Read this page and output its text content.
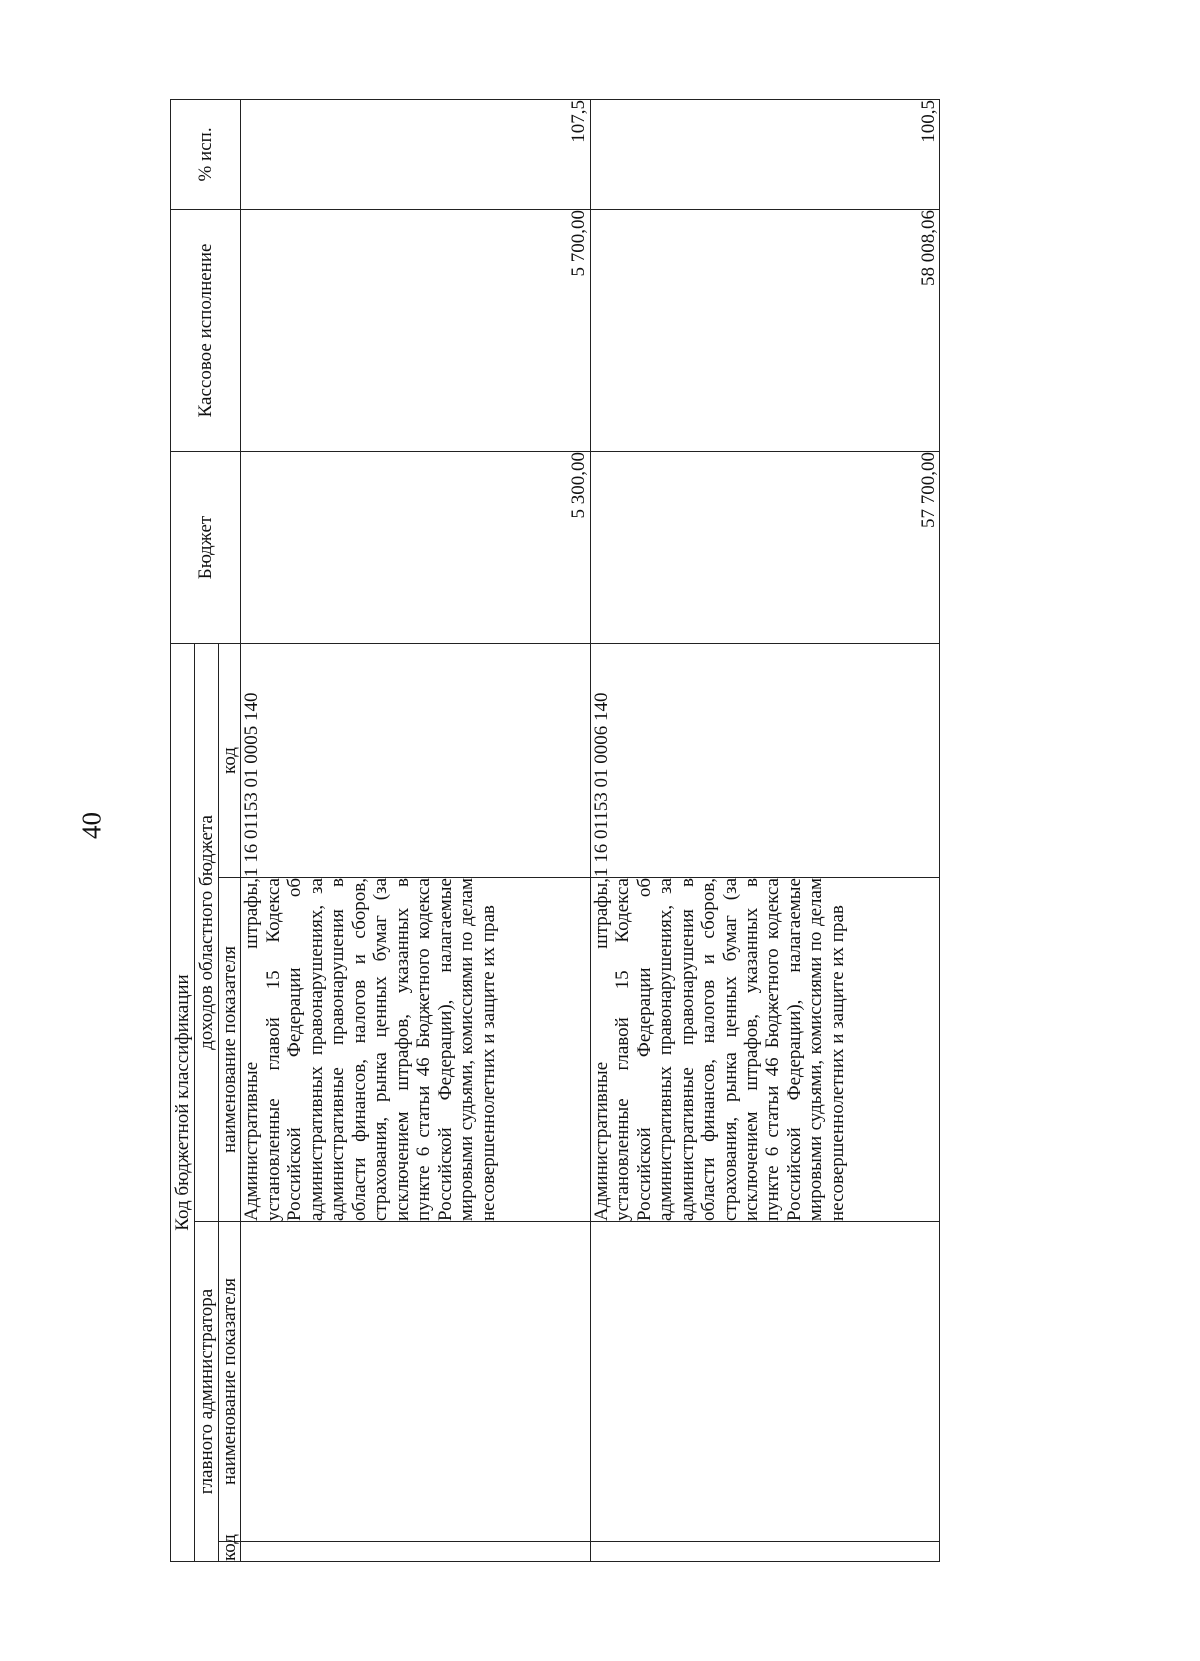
40
Код бюджетной классификации				Бюджет	Кассовое исполнение	% исп.
главного администратора		доходов областного бюджета				
код	наименование показателя	наименование показателя	код			
		Административные штрафы, установленные главой 15 Кодекса Российской Федерации об административных правонарушениях, за административные правонарушения в области финансов, налогов и сборов, страхования, рынка ценных бумаг (за исключением штрафов, указанных в пункте 6 статьи 46 Бюджетного кодекса Российской Федерации), налагаемые мировыми судьями, комиссиями по делам несовершеннолетних и защите их прав	1 16 01153 01 0005 140	5 300,00	5 700,00	107,5
		Административные штрафы, установленные главой 15 Кодекса Российской Федерации об административных правонарушениях, за административные правонарушения в области финансов, налогов и сборов, страхования, рынка ценных бумаг (за исключением штрафов, указанных в пункте 6 статьи 46 Бюджетного кодекса Российской Федерации), налагаемые мировыми судьями, комиссиями по делам несовершеннолетних и защите их прав	1 16 01153 01 0006 140	57 700,00	58 008,06	100,5
